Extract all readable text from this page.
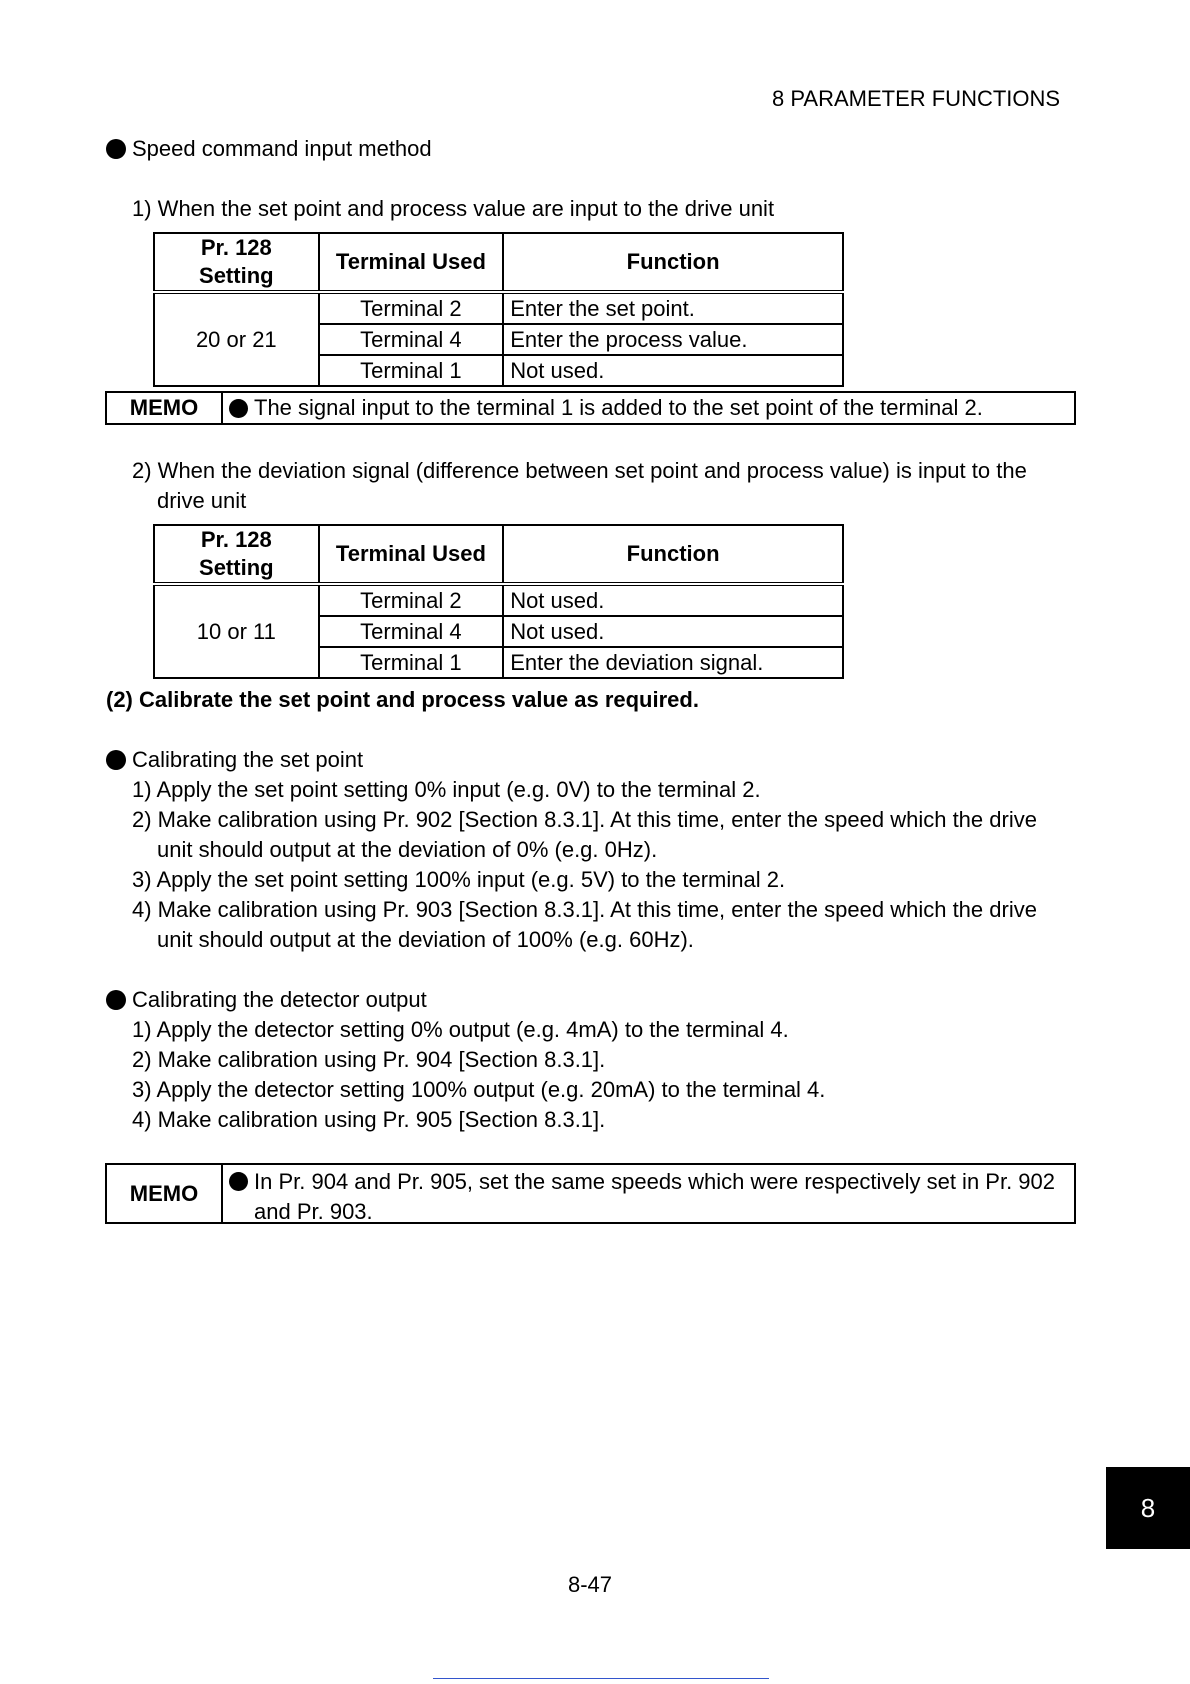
8 PARAMETER FUNCTIONS
Speed command input method
1) When the set point and process value are input to the drive unit
Pr. 128 Setting	Terminal Used	Function
20 or 21	Terminal 2	Enter the set point.
	Terminal 4	Enter the process value.
	Terminal 1	Not used.
MEMO	The signal input to the terminal 1 is added to the set point of the terminal 2.
2) When the deviation signal (difference between set point and process value) is input to the
drive unit
Pr. 128 Setting	Terminal Used	Function
10 or 11	Terminal 2	Not used.
	Terminal 4	Not used.
	Terminal 1	Enter the deviation signal.
(2) Calibrate the set point and process value as required.
Calibrating the set point
1) Apply the set point setting 0% input (e.g. 0V) to the terminal 2.
2) Make calibration using Pr. 902 [Section 8.3.1]. At this time, enter the speed which the drive
unit should output at the deviation of 0% (e.g. 0Hz).
3) Apply the set point setting 100% input (e.g. 5V) to the terminal 2.
4) Make calibration using Pr. 903 [Section 8.3.1]. At this time, enter the speed which the drive
unit should output at the deviation of 100% (e.g. 60Hz).
Calibrating the detector output
1) Apply the detector setting 0% output (e.g. 4mA) to the terminal 4.
2) Make calibration using Pr. 904 [Section 8.3.1].
3) Apply the detector setting 100% output (e.g. 20mA) to the terminal 4.
4) Make calibration using Pr. 905 [Section 8.3.1].
MEMO	In Pr. 904 and Pr. 905, set the same speeds which were respectively set in Pr. 902
and Pr. 903.
8
8-47
